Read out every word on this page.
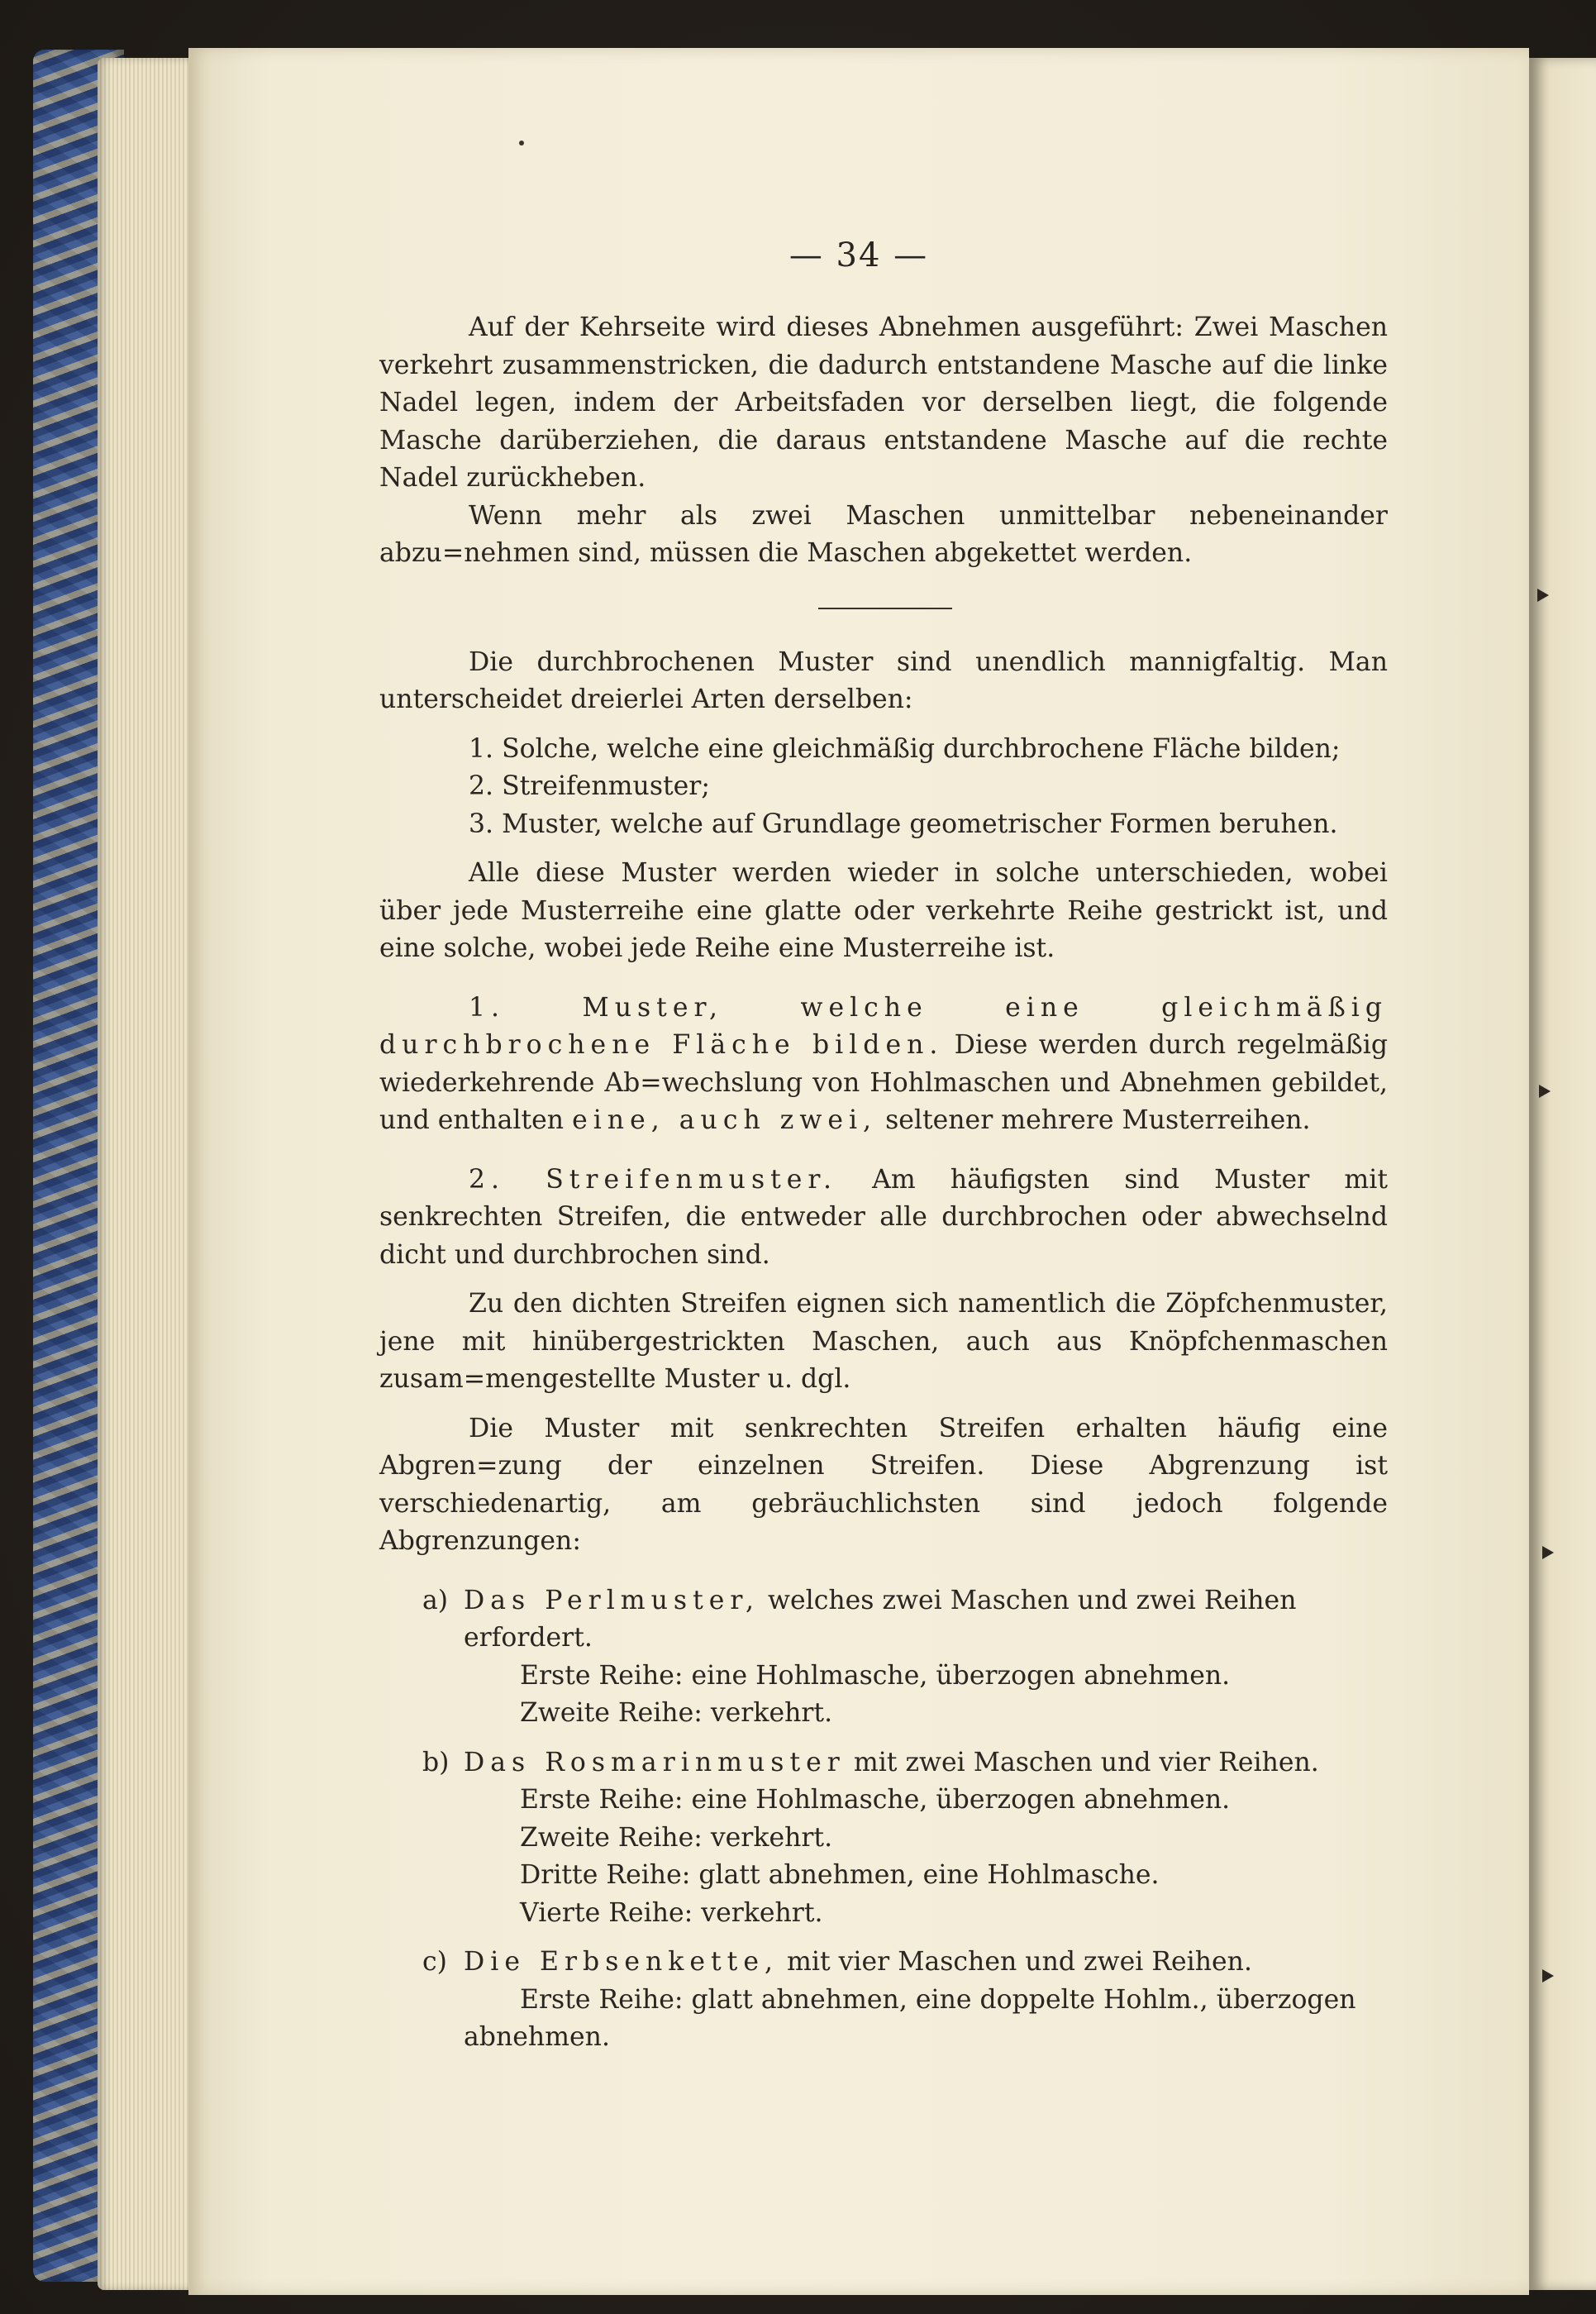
— 34 —

Auf der Kehrseite wird dieses Abnehmen ausgeführt: Zwei Maschen verkehrt zusammenstricken, die dadurch entstandene Masche auf die linke Nadel legen, indem der Arbeitsfaden vor derselben liegt, die folgende Masche darüberziehen, die daraus entstandene Masche auf die rechte Nadel zurückheben.

Wenn mehr als zwei Maschen unmittelbar nebeneinander abzu=nehmen sind, müssen die Maschen abgekettet werden.

Die durchbrochenen Muster sind unendlich mannigfaltig. Man unterscheidet dreierlei Arten derselben:

1. Solche, welche eine gleichmäßig durchbrochene Fläche bilden;

2. Streifenmuster;

3. Muster, welche auf Grundlage geometrischer Formen beruhen.

Alle diese Muster werden wieder in solche unterschieden, wobei über jede Musterreihe eine glatte oder verkehrte Reihe gestrickt ist, und eine solche, wobei jede Reihe eine Musterreihe ist.

1. Muster, welche eine gleichmäßig durchbrochene Fläche bilden. Diese werden durch regelmäßig wiederkehrende Ab=wechslung von Hohlmaschen und Abnehmen gebildet, und enthalten eine, auch zwei, seltener mehrere Musterreihen.

2. Streifenmuster. Am häufigsten sind Muster mit senkrechten Streifen, die entweder alle durchbrochen oder abwechselnd dicht und durchbrochen sind.

Zu den dichten Streifen eignen sich namentlich die Zöpfchenmuster, jene mit hinübergestrickten Maschen, auch aus Knöpfchenmaschen zusam=mengestellte Muster u. dgl.

Die Muster mit senkrechten Streifen erhalten häufig eine Abgren=zung der einzelnen Streifen. Diese Abgrenzung ist verschiedenartig, am gebräuchlichsten sind jedoch folgende Abgrenzungen:

a) Das Perlmuster, welches zwei Maschen und zwei Reihen erfordert.

Erste Reihe: eine Hohlmasche, überzogen abnehmen.

Zweite Reihe: verkehrt.

b) Das Rosmarinmuster mit zwei Maschen und vier Reihen.

Erste Reihe: eine Hohlmasche, überzogen abnehmen.

Zweite Reihe: verkehrt.

Dritte Reihe: glatt abnehmen, eine Hohlmasche.

Vierte Reihe: verkehrt.

c) Die Erbsenkette, mit vier Maschen und zwei Reihen.

Erste Reihe: glatt abnehmen, eine doppelte Hohlm., überzogen

abnehmen.
